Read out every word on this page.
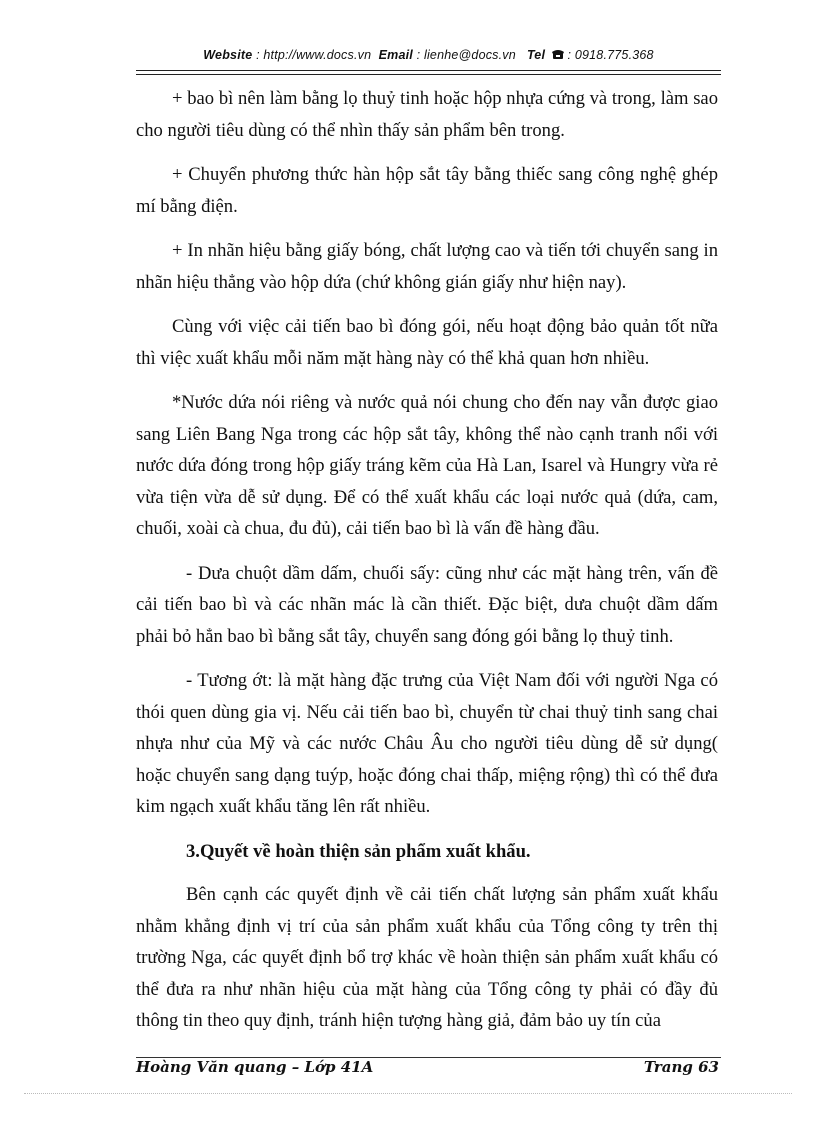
Website : http://www.docs.vn Email : lienhe@docs.vn Tel  : 0918.775.368

+ bao bì nên làm bằng lọ thuỷ tinh hoặc hộp nhựa cứng và trong, làm sao cho người tiêu dùng có thể nhìn thấy sản phẩm bên trong.

+ Chuyển phương thức hàn hộp sắt tây bằng thiếc sang công nghệ ghép mí bằng điện.

+ In nhãn hiệu bằng giấy bóng, chất lượng cao và tiến tới chuyển sang in nhãn hiệu thẳng vào hộp dứa (chứ không gián giấy như hiện nay).

Cùng với việc cải tiến bao bì đóng gói, nếu hoạt động bảo quản tốt nữa thì việc xuất khẩu mỗi năm mặt hàng này có thể khả quan hơn nhiều.

*Nước dứa nói riêng và nước quả nói chung cho đến nay vẫn được giao sang Liên Bang Nga trong các hộp sắt tây, không thể nào cạnh tranh nổi với nước dứa đóng trong hộp giấy tráng kẽm của Hà Lan, Isarel và Hungry vừa rẻ vừa tiện vừa dễ sử dụng. Để có thể xuất khẩu các loại nước quả (dứa, cam, chuối, xoài cà chua, đu đủ), cải tiến bao bì là vấn đề hàng đầu.

- Dưa chuột dầm dấm, chuối sấy: cũng như các mặt hàng trên, vấn đề cải tiến bao bì và các nhãn mác là cần thiết. Đặc biệt, dưa chuột dầm dấm phải bỏ hẳn bao bì bằng sắt tây, chuyển sang đóng gói bằng lọ thuỷ tinh.

- Tương ớt: là mặt hàng đặc trưng của Việt Nam đối với người Nga có thói quen dùng gia vị. Nếu cải tiến bao bì, chuyển từ chai thuỷ tinh sang chai nhựa như của Mỹ và các nước Châu Âu cho người tiêu dùng dễ sử dụng( hoặc chuyển sang dạng tuýp, hoặc đóng chai thấp, miệng rộng) thì có thể đưa kim ngạch xuất khẩu tăng lên rất nhiều.

3.Quyết về hoàn thiện sản phẩm xuất khẩu.

Bên cạnh các quyết định về cải tiến chất lượng sản phẩm xuất khẩu nhằm khẳng định vị trí của sản phẩm xuất khẩu của Tổng công ty trên thị trường Nga, các quyết định bổ trợ khác về hoàn thiện sản phẩm xuất khẩu có thể đưa ra như nhãn hiệu của mặt hàng của Tổng công ty phải có đầy đủ thông tin theo quy định, tránh hiện tượng hàng giả, đảm bảo uy tín của

Hoàng Văn quang – Lớp 41A	Trang 63
